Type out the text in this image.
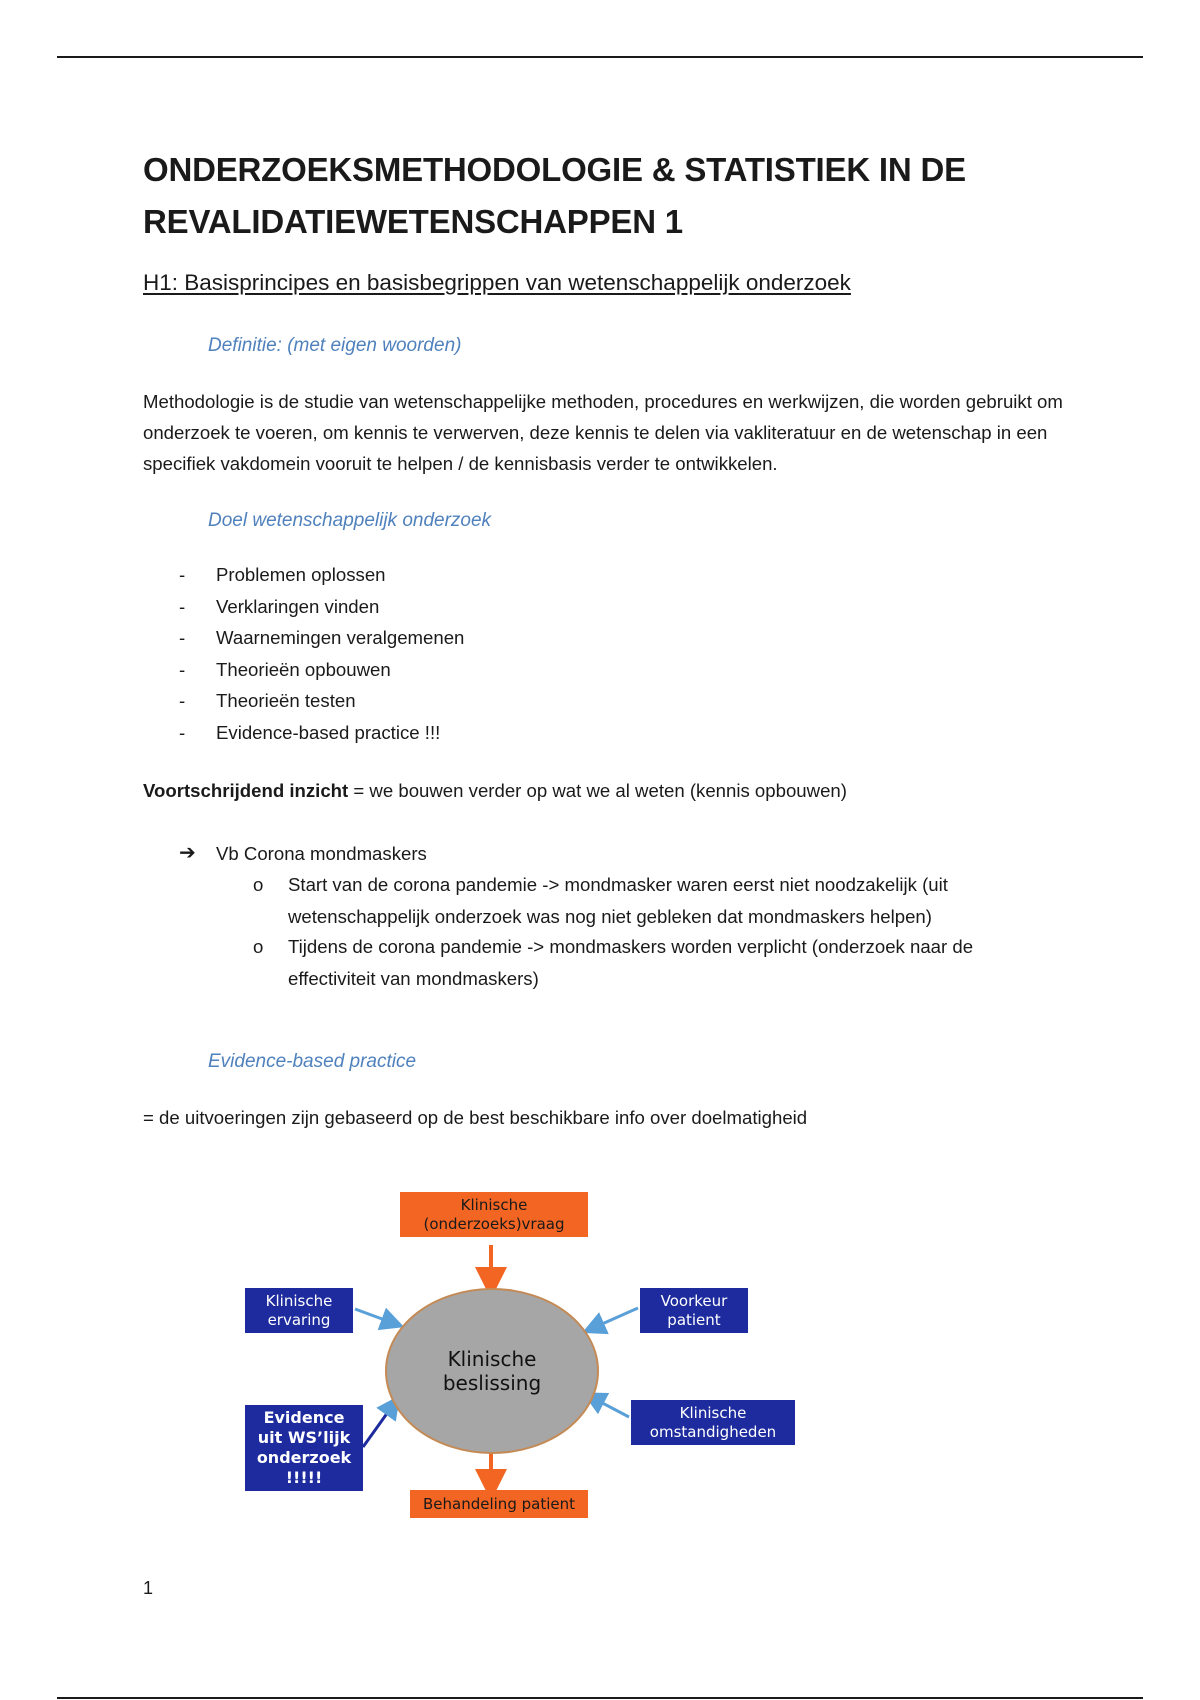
ONDERZOEKSMETHODOLOGIE & STATISTIEK IN DE
REVALIDATIEWETENSCHAPPEN 1
H1: Basisprincipes en basisbegrippen van wetenschappelijk onderzoek
Definitie: (met eigen woorden)
Methodologie is de studie van wetenschappelijke methoden, procedures en werkwijzen, die worden gebruikt om onderzoek te voeren, om kennis te verwerven, deze kennis te delen via vakliteratuur en de wetenschap in een specifiek vakdomein vooruit te helpen / de kennisbasis verder te ontwikkelen.
Doel wetenschappelijk onderzoek
- Problemen oplossen
- Verklaringen vinden
- Waarnemingen veralgemenen
- Theorieën opbouwen
- Theorieën testen
- Evidence-based practice !!!
Voortschrijdend inzicht = we bouwen verder op wat we al weten (kennis opbouwen)
➔ Vb Corona mondmaskers
o Start van de corona pandemie -> mondmasker waren eerst niet noodzakelijk (uit wetenschappelijk onderzoek was nog niet gebleken dat mondmaskers helpen)
o Tijdens de corona pandemie -> mondmaskers worden verplicht (onderzoek naar de effectiviteit van mondmaskers)
Evidence-based practice
= de uitvoeringen zijn gebaseerd op de best beschikbare info over doelmatigheid
Klinische
(onderzoeks)vraag
Klinische
ervaring
Voorkeur
patient
Klinische
beslissing
Evidence
uit WS’lijk
onderzoek
!!!!!
Klinische
omstandigheden
Behandeling patient
1
